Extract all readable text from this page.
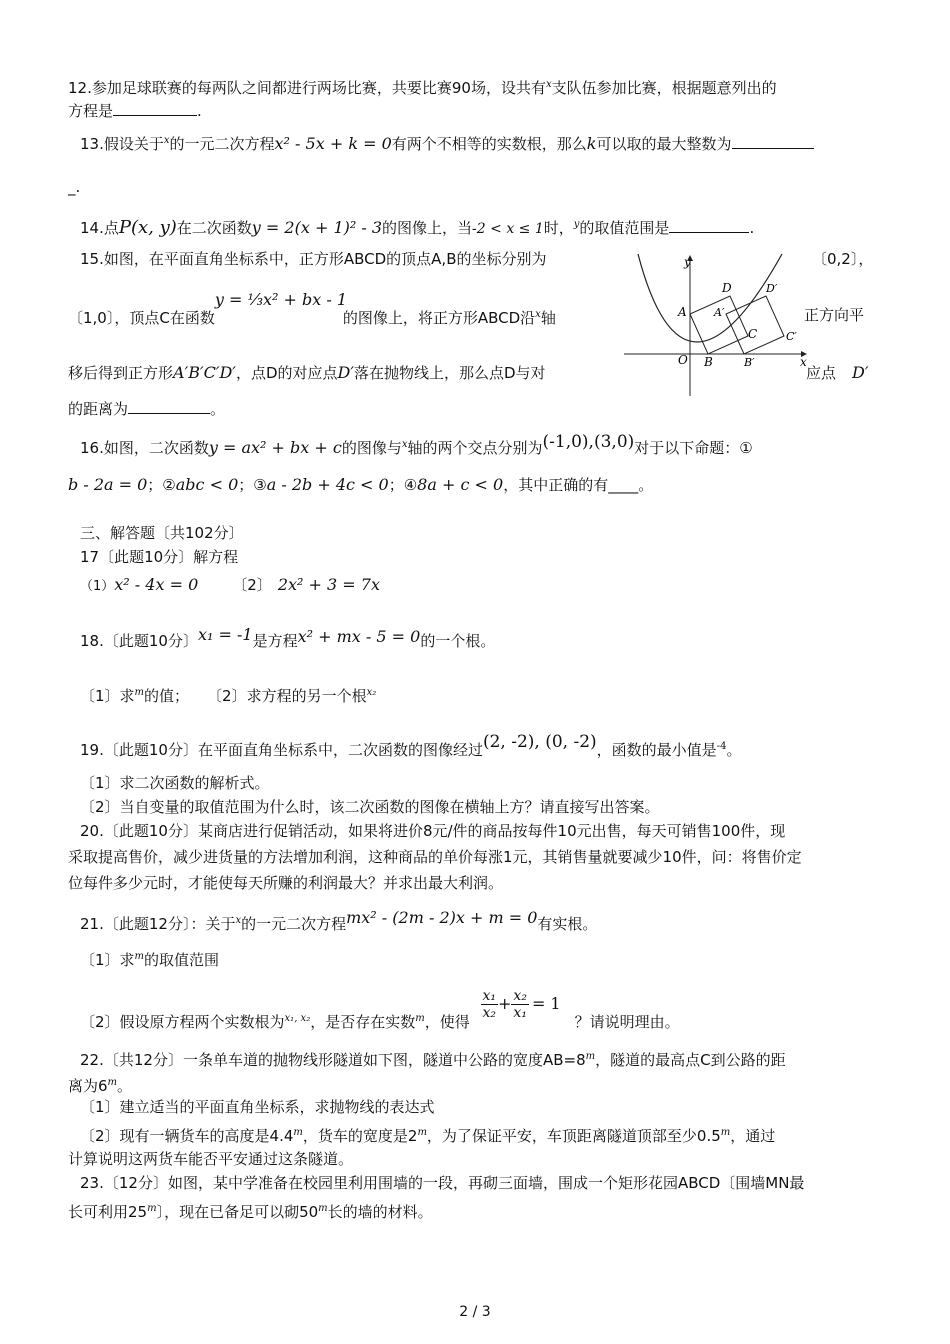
12.参加足球联赛的每两队之间都进行两场比赛，共要比赛90场，设共有$^x$支队伍参加比赛，根据题意列出的
方程是	.
13.假设关于$^x$的一元二次方程x² - 5x + k = 0有两个不相等的实数根，那么k可以取的最大整数为
_.
14.点P(x, y)在二次函数y = 2(x + 1)² - 3的图像上，当-2 < x ≤ 1时，$^y$的取值范围是	.
15.如图，在平面直角坐标系中，正方形ABCD的顶点A,B的坐标分别为	〔0,2〕，
〔1,0〕，顶点C在函数y = ⅓x² + bx - 1的图像上，将正方形ABCD沿$^x$轴	正方向平
移后得到正方形A′B′C′D′，点D的对应点D′落在抛物线上，那么点D与对	应点 D′
的距离为	。
y
x
O
A
B
C
D
A′
B′
C′
D′
16.如图，二次函数y = ax² + bx + c的图像与$^x$轴的两个交点分别为(-1,0),(3,0)对于以下命题：①
b - 2a = 0；②abc < 0；③a - 2b + 4c < 0；④8a + c < 0，其中正确的有____。
三、解答题〔共102分〕
17〔此题10分〕解方程
（1）x² - 4x = 0 〔2〕 2x² + 3 = 7x
18.〔此题10分〕x₁ = -1是方程x² + mx - 5 = 0的一个根。
〔1〕求$^m$的值； 〔2〕求方程的另一个根$^{x_2}$
19.〔此题10分〕在平面直角坐标系中，二次函数的图像经过(2, -2), (0, -2)，函数的最小值是$^{-4}$。
〔1〕求二次函数的解析式。
〔2〕当自变量的取值范围为什么时，该二次函数的图像在横轴上方？请直接写出答案。
20.〔此题10分〕某商店进行促销活动，如果将进价8元/件的商品按每件10元出售，每天可销售100件，现
采取提高售价，减少进货量的方法增加利润，这种商品的单价每涨1元，其销售量就要减少10件，问：将售价定
位每件多少元时，才能使每天所赚的利润最大？并求出最大利润。
21.〔此题12分〕：关于$^x$的一元二次方程mx² - (2m - 2)x + m = 0有实根。
〔1〕求$^m$的取值范围
〔2〕假设原方程两个实数根为$^{x_1, x_2}$，是否存在实数$^m$，使得
$\frac{\text{x₁}}{\text{x₂}} + \frac{\text{x₂}}{\text{x₁}} = 1$？请说明理由。
22.〔共12分〕一条单车道的抛物线形隧道如下图，隧道中公路的宽度$AB=8^m$，隧道的最高点C到公路的距
离为6$^m$。
〔1〕建立适当的平面直角坐标系，求抛物线的表达式
〔2〕现有一辆货车的高度是4.4$^m$，货车的宽度是2$^m$，为了保证平安，车顶距离隧道顶部至少0.5$^m$，通过
计算说明这两货车能否平安通过这条隧道。
23.〔12分〕如图，某中学准备在校园里利用围墙的一段，再砌三面墙，围成一个矩形花园ABCD〔围墙MN最
长可利用25$^m$〕，现在已备足可以砌50$^m$长的墙的材料。
2 / 3
